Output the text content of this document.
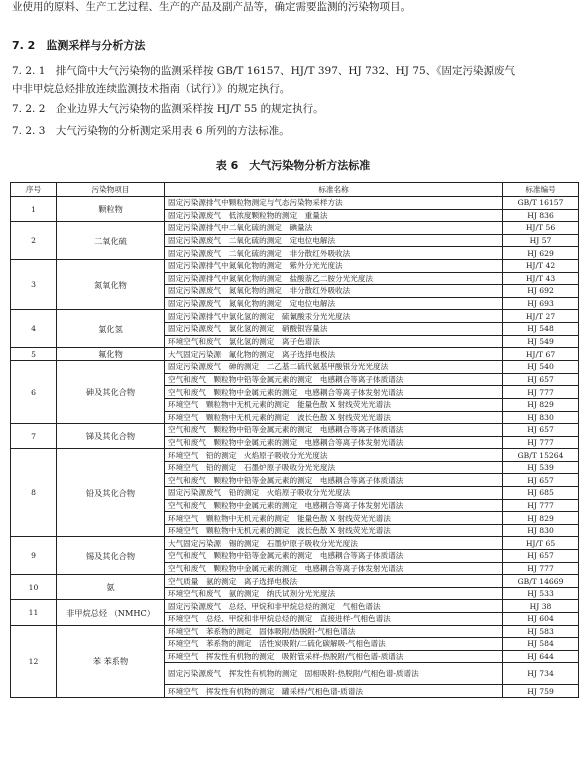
业使用的原料、生产工艺过程、生产的产品及副产品等，确定需要监测的污染物项目。
7. 2　监测采样与分析方法
7. 2. 1　排气筒中大气污染物的监测采样按 GB/T 16157、HJ/T 397、HJ 732、HJ 75、《固定污染源废气
中非甲烷总烃排放连续监测技术指南（试行）》的规定执行。
7. 2. 2　企业边界大气污染物的监测采样按 HJ/T 55 的规定执行。
7. 2. 3　大气污染物的分析测定采用表 6 所列的方法标准。
表 6　大气污染物分析方法标准
序号	污染物项目	标准名称	标准编号
1	颗粒物	固定污染源排气中颗粒物测定与气态污染物采样方法	GB/T 16157
		固定污染源废气　低浓度颗粒物的测定　重量法	HJ 836
2	二氧化硫	固定污染源排气中二氧化硫的测定　碘量法	HJ/T 56
		固定污染源废气　二氧化硫的测定　定电位电解法	HJ 57
		固定污染源废气　二氧化硫的测定　非分散红外吸收法	HJ 629
3	氮氧化物	固定污染源排气中氮氧化物的测定　紫外分光光度法	HJ/T 42
		固定污染源排气中氮氧化物的测定　盐酸萘乙二胺分光光度法	HJ/T 43
		固定污染源废气　氮氧化物的测定　非分散红外吸收法	HJ 692
		固定污染源废气　氮氧化物的测定　定电位电解法	HJ 693
4	氯化氢	固定污染源排气中氯化氢的测定　硫氰酸汞分光光度法	HJ/T 27
		固定污染源废气　氯化氢的测定　硝酸银容量法	HJ 548
		环境空气和废气　氯化氢的测定　离子色谱法	HJ 549
5	氟化物	大气固定污染源　氟化物的测定　离子选择电极法	HJ/T 67
6	砷及其化合物	固定污染源废气　砷的测定　二乙基二硫代氨基甲酸银分光光度法	HJ 540
		空气和废气　颗粒物中铅等金属元素的测定　电感耦合等离子体质谱法	HJ 657
		空气和废气　颗粒物中金属元素的测定　电感耦合等离子体发射光谱法	HJ 777
		环境空气　颗粒物中无机元素的测定　能量色散 X 射线荧光光谱法	HJ 829
		环境空气　颗粒物中无机元素的测定　波长色散 X 射线荧光光谱法	HJ 830
7	锑及其化合物	空气和废气　颗粒物中铅等金属元素的测定　电感耦合等离子体质谱法	HJ 657
		空气和废气　颗粒物中金属元素的测定　电感耦合等离子体发射光谱法	HJ 777
8	铅及其化合物	环境空气　铅的测定　火焰原子吸收分光光度法	GB/T 15264
		环境空气　铅的测定　石墨炉原子吸收分光光度法	HJ 539
		空气和废气　颗粒物中铅等金属元素的测定　电感耦合等离子体质谱法	HJ 657
		固定污染源废气　铅的测定　火焰原子吸收分光光度法	HJ 685
		空气和废气　颗粒物中金属元素的测定　电感耦合等离子体发射光谱法	HJ 777
		环境空气　颗粒物中无机元素的测定　能量色散 X 射线荧光光谱法	HJ 829
		环境空气　颗粒物中无机元素的测定　波长色散 X 射线荧光光谱法	HJ 830
9	锡及其化合物	大气固定污染源　锡的测定　石墨炉原子吸收分光光度法	HJ/T 65
		空气和废气　颗粒物中铅等金属元素的测定　电感耦合等离子体质谱法	HJ 657
		空气和废气　颗粒物中金属元素的测定　电感耦合等离子体发射光谱法	HJ 777
10	氨	空气质量　氨的测定　离子选择电极法	GB/T 14669
		环境空气和废气　氨的测定　纳氏试剂分光光度法	HJ 533
11	非甲烷总烃 （NMHC）	固定污染源废气　总烃、甲烷和非甲烷总烃的测定　气相色谱法	HJ 38
		环境空气　总烃、甲烷和非甲烷总烃的测定　直接进样-气相色谱法	HJ 604
12	苯 苯系物	环境空气　苯系物的测定　固体吸附/热脱附-气相色谱法	HJ 583
		环境空气　苯系物的测定　活性炭吸附/二硫化碳解吸-气相色谱法	HJ 584
		环境空气　挥发性有机物的测定　吸附管采样-热脱附/气相色谱-质谱法	HJ 644
		固定污染源废气　挥发性有机物的测定　固相吸附-热脱附/气相色谱-质谱法	HJ 734
		环境空气　挥发性有机物的测定　罐采样/气相色谱-质谱法	HJ 759
